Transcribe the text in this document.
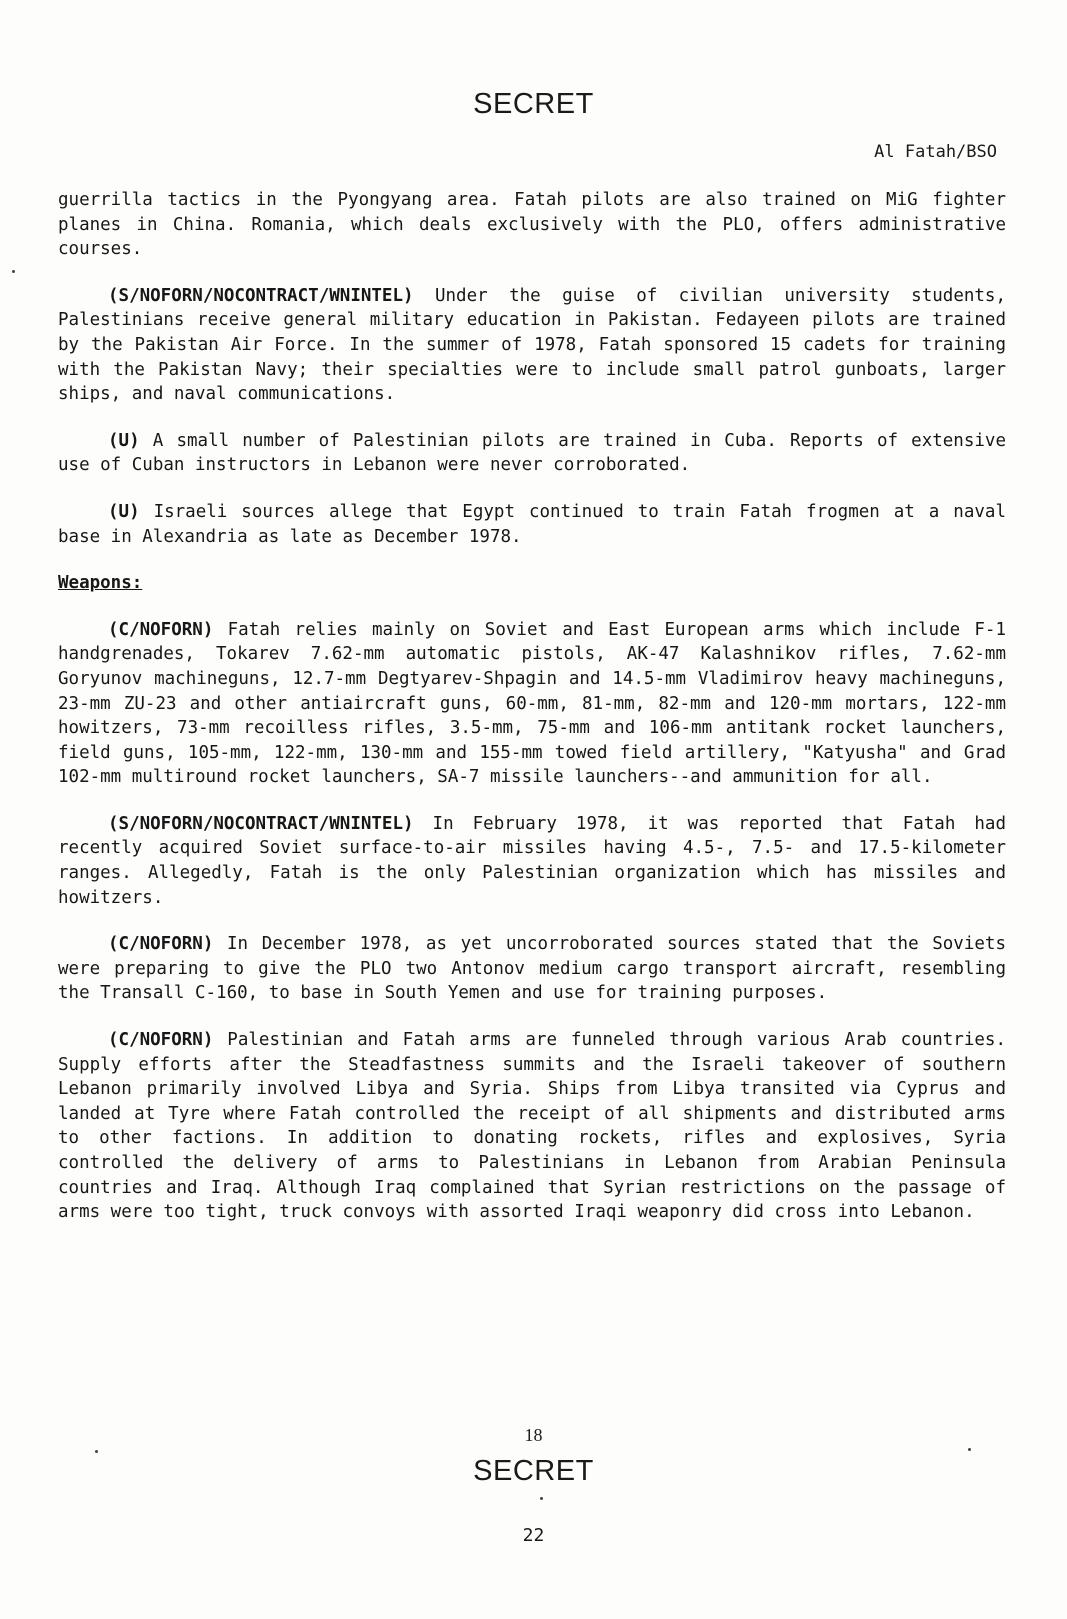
SECRET
Al Fatah/BSO

guerrilla tactics in the Pyongyang area. Fatah pilots are also trained on MiG fighter planes in China. Romania, which deals exclusively with the PLO, offers administrative courses.

(S/NOFORN/NOCONTRACT/WNINTEL) Under the guise of civilian university students, Palestinians receive general military education in Pakistan. Fedayeen pilots are trained by the Pakistan Air Force. In the summer of 1978, Fatah sponsored 15 cadets for training with the Pakistan Navy; their specialties were to include small patrol gunboats, larger ships, and naval communications.

(U) A small number of Palestinian pilots are trained in Cuba. Reports of extensive use of Cuban instructors in Lebanon were never corroborated.

(U) Israeli sources allege that Egypt continued to train Fatah frogmen at a naval base in Alexandria as late as December 1978.

Weapons:

(C/NOFORN) Fatah relies mainly on Soviet and East European arms which include F-1 handgrenades, Tokarev 7.62-mm automatic pistols, AK-47 Kalashnikov rifles, 7.62-mm Goryunov machineguns, 12.7-mm Degtyarev-Shpagin and 14.5-mm Vladimirov heavy machineguns, 23-mm ZU-23 and other antiaircraft guns, 60-mm, 81-mm, 82-mm and 120-mm mortars, 122-mm howitzers, 73-mm recoilless rifles, 3.5-mm, 75-mm and 106-mm antitank rocket launchers, field guns, 105-mm, 122-mm, 130-mm and 155-mm towed field artillery, "Katyusha" and Grad 102-mm multiround rocket launchers, SA-7 missile launchers--and ammunition for all.

(S/NOFORN/NOCONTRACT/WNINTEL) In February 1978, it was reported that Fatah had recently acquired Soviet surface-to-air missiles having 4.5-, 7.5- and 17.5-kilometer ranges. Allegedly, Fatah is the only Palestinian organization which has missiles and howitzers.

(C/NOFORN) In December 1978, as yet uncorroborated sources stated that the Soviets were preparing to give the PLO two Antonov medium cargo transport aircraft, resembling the Transall C-160, to base in South Yemen and use for training purposes.

(C/NOFORN) Palestinian and Fatah arms are funneled through various Arab countries. Supply efforts after the Steadfastness summits and the Israeli takeover of southern Lebanon primarily involved Libya and Syria. Ships from Libya transited via Cyprus and landed at Tyre where Fatah controlled the receipt of all shipments and distributed arms to other factions. In addition to donating rockets, rifles and explosives, Syria controlled the delivery of arms to Palestinians in Lebanon from Arabian Peninsula countries and Iraq. Although Iraq complained that Syrian restrictions on the passage of arms were too tight, truck convoys with assorted Iraqi weaponry did cross into Lebanon.

18
SECRET
22
